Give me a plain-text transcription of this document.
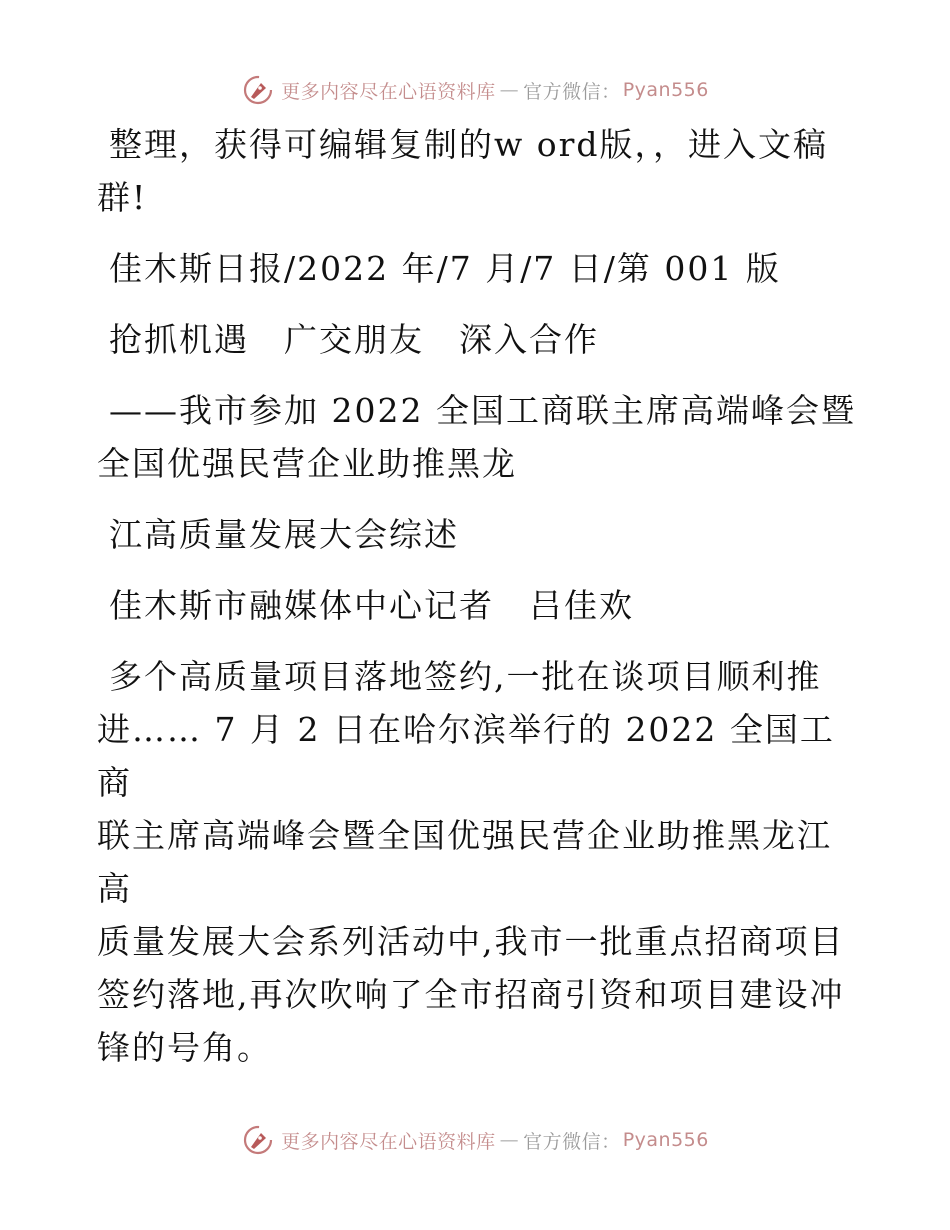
更多内容尽在心语资料库 — 官方微信： Pyan556

整理，获得可编辑复制的w ord版，，进入文稿

群!

佳木斯日报/2022 年/7 月/7 日/第 001 版

抢抓机遇　广交朋友　深入合作

——我市参加 2022 全国工商联主席高端峰会暨

全国优强民营企业助推黑龙

江高质量发展大会综述

佳木斯市融媒体中心记者　吕佳欢

多个高质量项目落地签约,一批在谈项目顺利推

进…… 7 月 2 日在哈尔滨举行的 2022 全国工商

联主席高端峰会暨全国优强民营企业助推黑龙江高

质量发展大会系列活动中,我市一批重点招商项目

签约落地,再次吹响了全市招商引资和项目建设冲

锋的号角。

更多内容尽在心语资料库 — 官方微信： Pyan556
